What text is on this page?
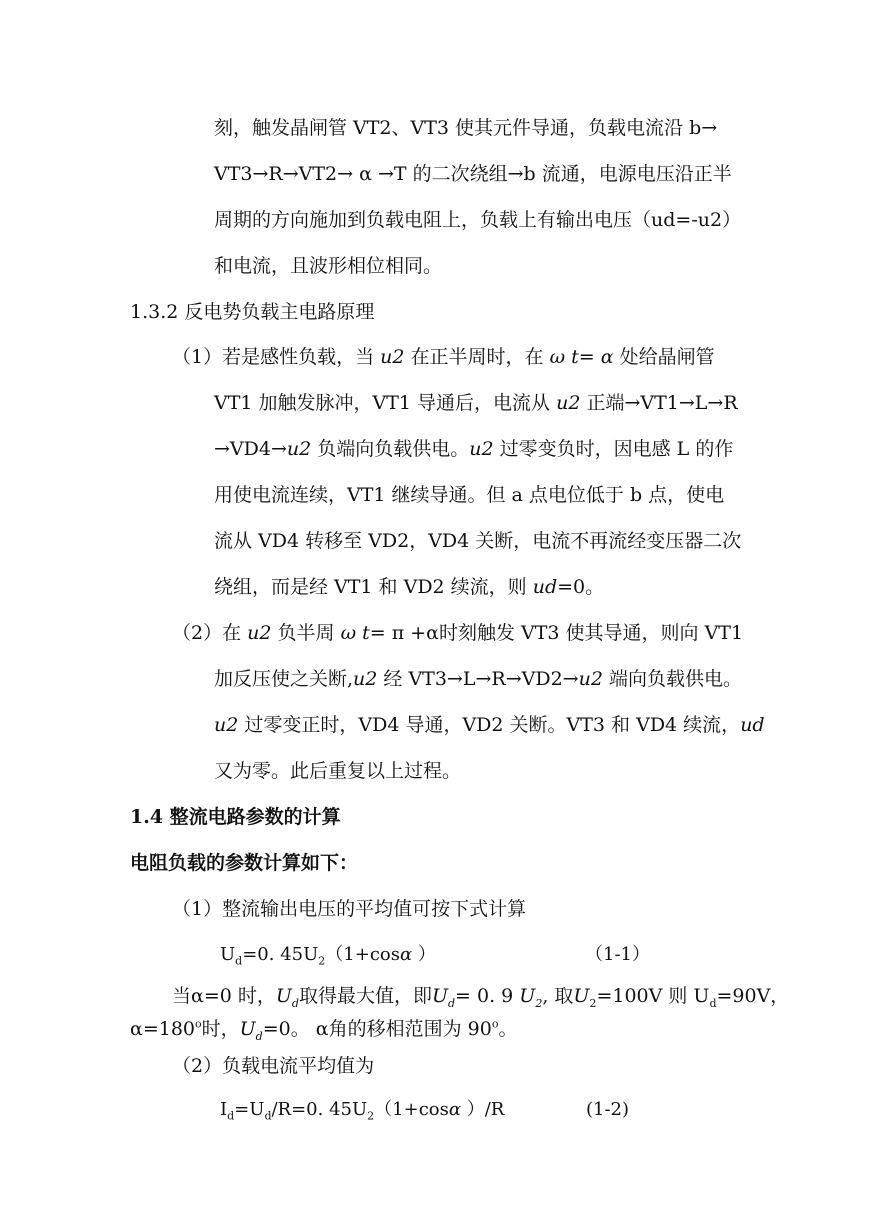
刻，触发晶闸管 VT2、VT3 使其元件导通，负载电流沿 b→
VT3→R→VT2→ α →T 的二次绕组→b 流通，电源电压沿正半
周期的方向施加到负载电阻上，负载上有输出电压（ud=-u2）
和电流，且波形相位相同。
1.3.2 反电势负载主电路原理
（1）若是感性负载，当 u2 在正半周时，在 ω t= α 处给晶闸管
VT1 加触发脉冲，VT1 导通后，电流从 u2 正端→VT1→L→R
→VD4→u2 负端向负载供电。u2 过零变负时，因电感 L 的作
用使电流连续，VT1 继续导通。但 a 点电位低于 b 点，使电
流从 VD4 转移至 VD2，VD4 关断，电流不再流经变压器二次
绕组，而是经 VT1 和 VD2 续流，则 ud=0。
（2）在 u2 负半周 ω t= π +α时刻触发 VT3 使其导通，则向 VT1
加反压使之关断,u2 经 VT3→L→R→VD2→u2 端向负载供电。
u2 过零变正时，VD4 导通，VD2 关断。VT3 和 VD4 续流，ud
又为零。此后重复以上过程。
1.4 整流电路参数的计算
电阻负载的参数计算如下：
（1）整流输出电压的平均值可按下式计算
$U_d=0$. $45U_2(1+\cos\alpha$ ）	（1-1）
当α=0 时，$U_d$取得最大值，即$U_d= 0$. 9 $U_2$, 取$U_2=100V$ 则 $U_d=90V$，
$\alpha=180^o$时，$U_d=0$。 α角的移相范围为 90$^o$。
（2）负载电流平均值为
$I_d=U_d/R=0$. $45U_2(1+\cos\alpha$ ）/R	(1-2)
